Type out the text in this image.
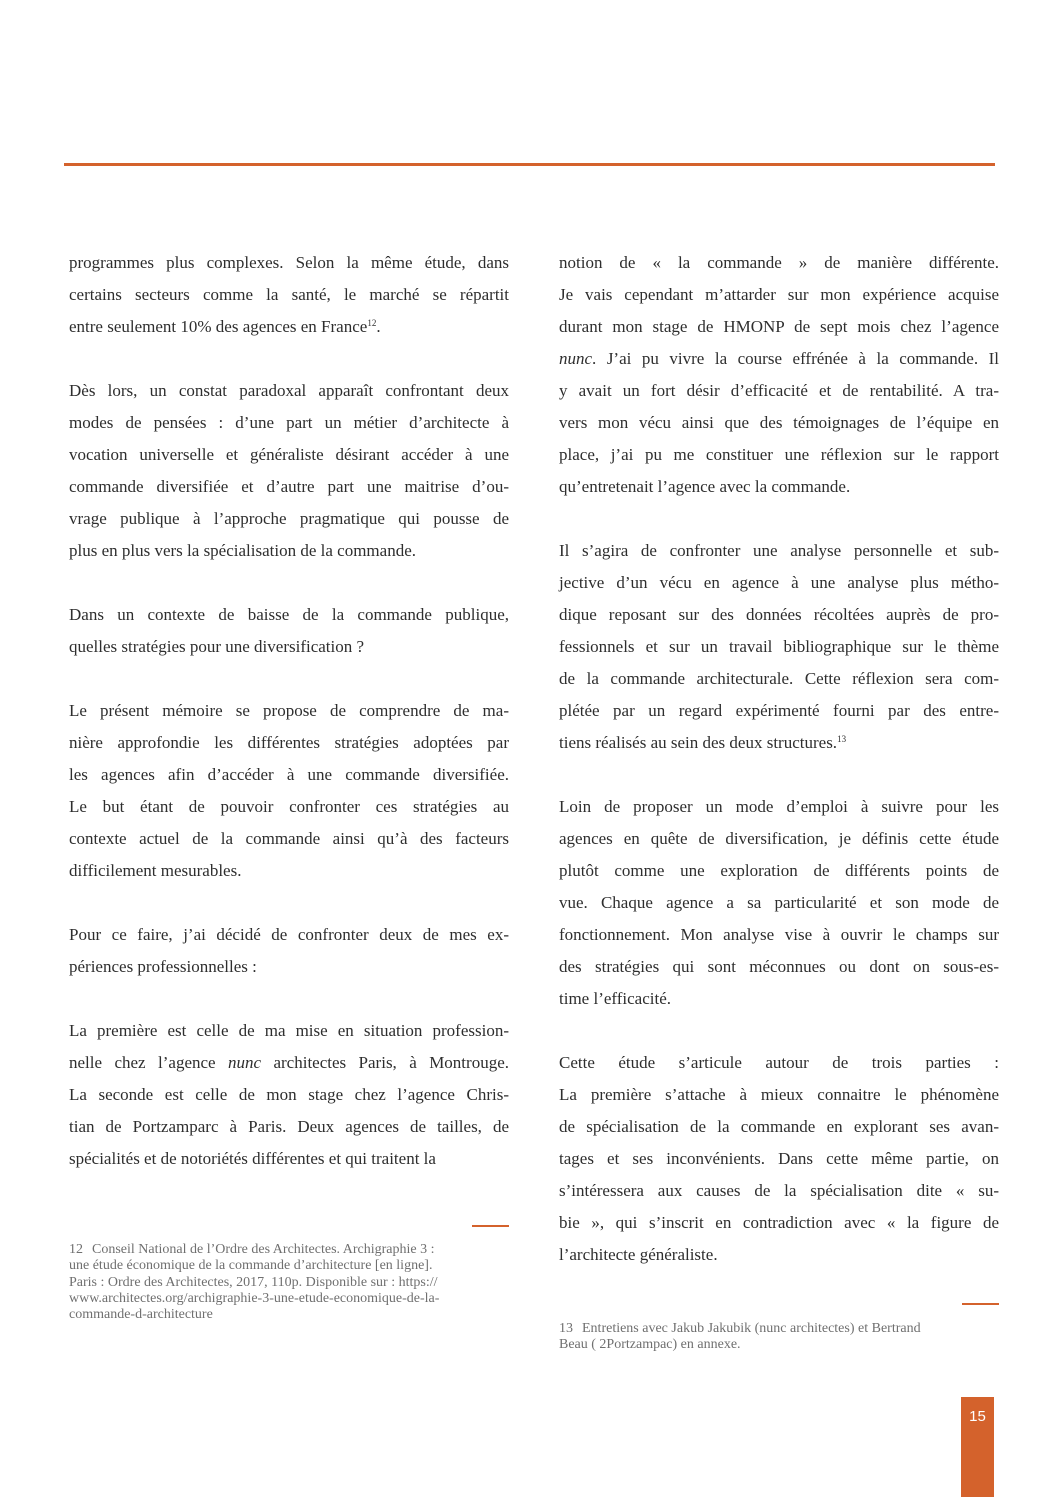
programmes plus complexes. Selon la même étude, dans
certains secteurs comme la santé, le marché se répartit
entre seulement 10% des agences en France$^{12}$.
Dès lors, un constat paradoxal apparaît confrontant deux
modes de pensées : d’une part un métier d’architecte à
vocation universelle et généraliste désirant accéder à une
commande diversifiée et d’autre part une maitrise d’ou-
vrage publique à l’approche pragmatique qui pousse de
plus en plus vers la spécialisation de la commande.
Dans un contexte de baisse de la commande publique,
quelles stratégies pour une diversification ?
Le présent mémoire se propose de comprendre de ma-
nière approfondie les différentes stratégies adoptées par
les agences afin d’accéder à une commande diversifiée.
Le but étant de pouvoir confronter ces stratégies au
contexte actuel de la commande ainsi qu’à des facteurs
difficilement mesurables.
Pour ce faire, j’ai décidé de confronter deux de mes ex-
périences professionnelles :
La première est celle de ma mise en situation profession-
nelle chez l’agence nunc architectes Paris, à Montrouge.
La seconde est celle de mon stage chez l’agence Chris-
tian de Portzamparc à Paris. Deux agences de tailles, de
spécialités et de notoriétés différentes et qui traitent la
notion de « la commande » de manière différente.
Je vais cependant m’attarder sur mon expérience acquise
durant mon stage de HMONP de sept mois chez l’agence
nunc. J’ai pu vivre la course effrénée à la commande. Il
y avait un fort désir d’efficacité et de rentabilité. A tra-
vers mon vécu ainsi que des témoignages de l’équipe en
place, j’ai pu me constituer une réflexion sur le rapport
qu’entretenait l’agence avec la commande.
Il s’agira de confronter une analyse personnelle et sub-
jective d’un vécu en agence à une analyse plus métho-
dique reposant sur des données récoltées auprès de pro-
fessionnels et sur un travail bibliographique sur le thème
de la commande architecturale. Cette réflexion sera com-
plétée par un regard expérimenté fourni par des entre-
tiens réalisés au sein des deux structures.$^{13}$
Loin de proposer un mode d’emploi à suivre pour les
agences en quête de diversification, je définis cette étude
plutôt comme une exploration de différents points de
vue. Chaque agence a sa particularité et son mode de
fonctionnement. Mon analyse vise à ouvrir le champs sur
des stratégies qui sont méconnues ou dont on sous-es-
time l’efficacité.
Cette étude s’articule autour de trois parties :
La première s’attache à mieux connaitre le phénomène
de spécialisation de la commande en explorant ses avan-
tages et ses inconvénients. Dans cette même partie, on
s’intéressera aux causes de la spécialisation dite « su-
bie », qui s’inscrit en contradiction avec « la figure de
l’architecte généraliste.
12 Conseil National de l’Ordre des Architectes. Archigraphie 3 :
une étude économique de la commande d’architecture [en ligne].
Paris : Ordre des Architectes, 2017, 110p. Disponible sur : https://
www.architectes.org/archigraphie-3-une-etude-economique-de-la-
commande-d-architecture
13 Entretiens avec Jakub Jakubik (nunc architectes) et Bertrand
Beau ( 2Portzampac) en annexe.
15
